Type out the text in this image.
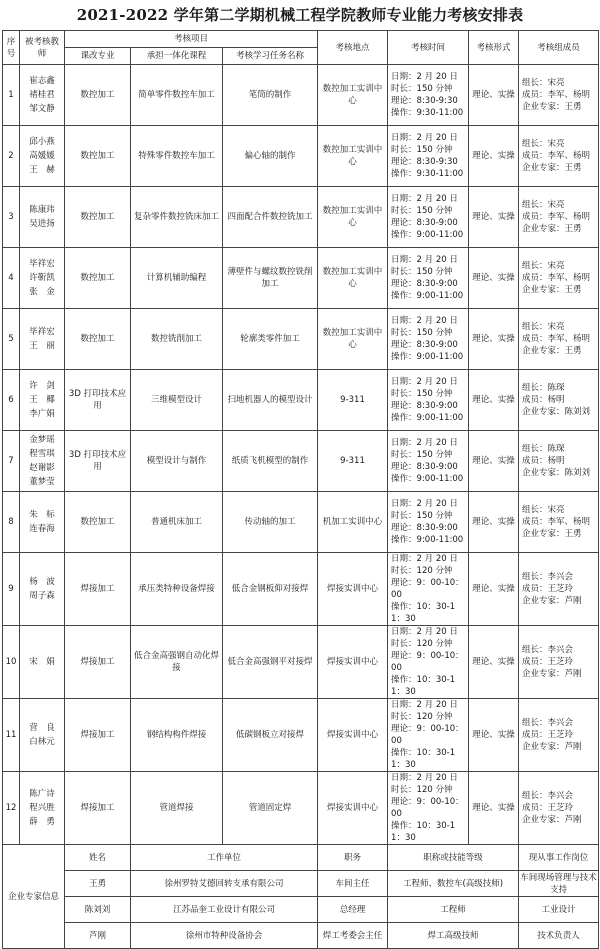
2021-2022 学年第二学期机械工程学院教师专业能力考核安排表
序号	被考核教师	考核项目			考核地点	考核时间	考核形式	考核组成员
		课改专业	承担一体化课程	考核学习任务名称				
1	崔志鑫
褚桂君
邹文静	数控加工	简单零件数控车加工	笔筒的制作	数控加工实训中心	日期：2 月 20 日
时长：150 分钟
理论：8:30-9:30
操作：9:30-11:00	理论、实操	组长：宋亮
成员：李军、杨明
企业专家：王勇
2	邱小燕
高媛媛
王　赫	数控加工	特殊零件数控车加工	偏心轴的制作	数控加工实训中心	日期：2 月 20 日
时长：150 分钟
理论：8:30-9:30
操作：9:30-11:00	理论、实操	组长：宋亮
成员：李军、杨明
企业专家：王勇
3	陈康玮
吴进扬	数控加工	复杂零件数控铣床加工	四面配合件数控铣加工	数控加工实训中心	日期：2 月 20 日
时长：150 分钟
理论：8:30-9:00
操作：9:00-11:00	理论、实操	组长：宋亮
成员：李军、杨明
企业专家：王勇
4	毕祥宏
许靳凯
张　金	数控加工	计算机辅助编程	薄壁件与螺纹数控铣削加工	数控加工实训中心	日期：2 月 20 日
时长：150 分钟
理论：8:30-9:00
操作：9:00-11:00	理论、实操	组长：宋亮
成员：李军、杨明
企业专家：王勇
5	毕祥宏
王　丽	数控加工	数控铣削加工	轮廓类零件加工	数控加工实训中心	日期：2 月 20 日
时长：150 分钟
理论：8:30-9:00
操作：9:00-11:00	理论、实操	组长：宋亮
成员：李军、杨明
企业专家：王勇
6	许　剑
王　椰
李广娟	3D 打印技术应用	三维模型设计	扫地机器人的模型设计	9-311	日期：2 月 20 日
时长：150 分钟
理论：8:30-9:00
操作：9:00-11:00	理论、实操	组长：陈琛
成员：杨明
企业专家：陈刘刘
7	金梦瑶
程雪琪
赵谢影
董梦莹	3D 打印技术应用	模型设计与制作	纸质飞机模型的制作	9-311	日期：2 月 20 日
时长：150 分钟
理论：8:30-9:00
操作：9:00-11:00	理论、实操	组长：陈琛
成员：杨明
企业专家：陈刘刘
8	朱　标
连春海	数控加工	普通机床加工	传动轴的加工	机加工实训中心	日期：2 月 20 日
时长：150 分钟
理论：8:30-9:00
操作：9:00-11:00	理论、实操	组长：宋亮
成员：李军、杨明
企业专家：王勇
9	杨　波
周子森	焊接加工	承压类特种设备焊接	低合金钢板仰对接焊	焊接实训中心	日期：2 月 20 日
时长：120 分钟
理论：9：00-10：00
操作：10：30-11：30	理论、实操	组长：李兴会
成员：王芝玲
企业专家：芦刚
10	宋　娟	焊接加工	低合金高强钢自动化焊接	低合金高强钢平对接焊	焊接实训中心	日期：2 月 20 日
时长：120 分钟
理论：9：00-10：00
操作：10：30-11：30	理论、实操	组长：李兴会
成员：王芝玲
企业专家：芦刚
11	营　良
白林元	焊接加工	钢结构构件焊接	低碳钢板立对接焊	焊接实训中心	日期：2 月 20 日
时长：120 分钟
理论：9：00-10：00
操作：10：30-11：30	理论、实操	组长：李兴会
成员：王芝玲
企业专家：芦刚
12	陈广诗
程兴胜
薛　勇	焊接加工	管道焊接	管道固定焊	焊接实训中心	日期：2 月 20 日
时长：120 分钟
理论：9：00-10：00
操作：10：30-11：30	理论、实操	组长：李兴会
成员：王芝玲
企业专家：芦刚
企业专家信息		姓名	工作单位		职务	职称或技能等级		现从事工作岗位
		王勇	徐州罗特艾德回转支承有限公司		车间主任	工程师、数控车(高级技师)		车间现场管理与技术支持
		陈刘刘	江苏品奎工业设计有限公司		总经理	工程师		工业设计
		芦刚	徐州市特种设备协会		焊工考委会主任	焊工高级技师		技术负责人
